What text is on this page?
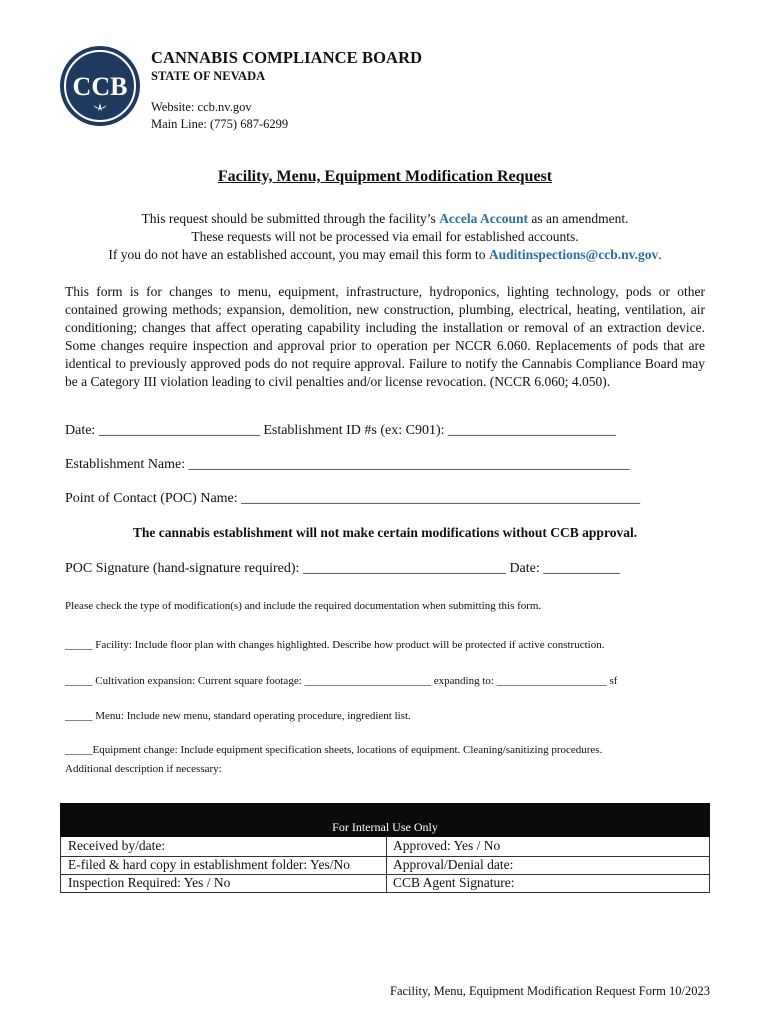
CCB
CANNABIS COMPLIANCE BOARD
STATE OF NEVADA
Website: ccb.nv.gov
Main Line: (775) 687-6299
Facility, Menu, Equipment Modification Request
This request should be submitted through the facility’s Accela Account as an amendment.
These requests will not be processed via email for established accounts.
If you do not have an established account, you may email this form to Auditinspections@ccb.nv.gov.
This form is for changes to menu, equipment, infrastructure, hydroponics, lighting technology, pods or other contained growing methods; expansion, demolition, new construction, plumbing, electrical, heating, ventilation, air conditioning; changes that affect operating capability including the installation or removal of an extraction device. Some changes require inspection and approval prior to operation per NCCR 6.060. Replacements of pods that are identical to previously approved pods do not require approval. Failure to notify the Cannabis Compliance Board may be a Category III violation leading to civil penalties and/or license revocation. (NCCR 6.060; 4.050).
Date: _______________________ Establishment ID #s (ex: C901): ________________________
Establishment Name: _______________________________________________________________
Point of Contact (POC) Name: _________________________________________________________
The cannabis establishment will not make certain modifications without CCB approval.
POC Signature (hand-signature required): _____________________________ Date: ___________
Please check the type of modification(s) and include the required documentation when submitting this form.
_____ Facility: Include floor plan with changes highlighted. Describe how product will be protected if active construction.
_____ Cultivation expansion: Current square footage: _______________________ expanding to: ____________________ sf
_____ Menu: Include new menu, standard operating procedure, ingredient list.
_____Equipment change: Include equipment specification sheets, locations of equipment. Cleaning/sanitizing procedures.
Additional description if necessary:
For Internal Use Only
Received by/date:	Approved: Yes / No
E-filed & hard copy in establishment folder: Yes/No	Approval/Denial date:
Inspection Required: Yes / No	CCB Agent Signature:
Facility, Menu, Equipment Modification Request Form 10/2023
